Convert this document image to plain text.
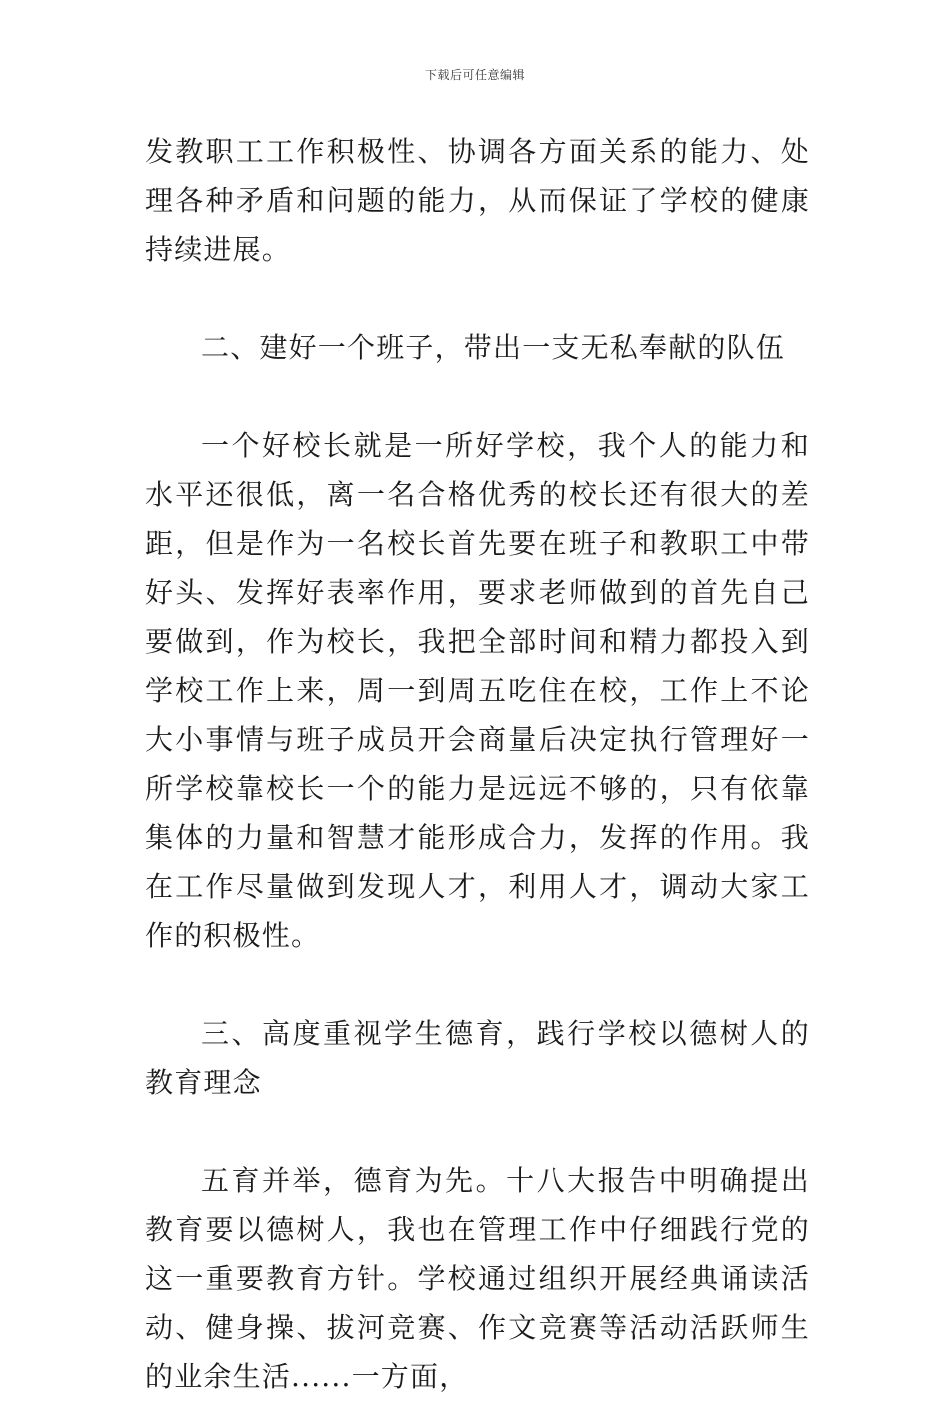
下载后可任意编辑

发教职工工作积极性、协调各方面关系的能力、处理各种矛盾和问题的能力，从而保证了学校的健康持续进展。

二、建好一个班子，带出一支无私奉献的队伍

一个好校长就是一所好学校，我个人的能力和水平还很低，离一名合格优秀的校长还有很大的差距，但是作为一名校长首先要在班子和教职工中带好头、发挥好表率作用，要求老师做到的首先自己要做到，作为校长，我把全部时间和精力都投入到学校工作上来，周一到周五吃住在校，工作上不论大小事情与班子成员开会商量后决定执行管理好一所学校靠校长一个的能力是远远不够的，只有依靠集体的力量和智慧才能形成合力，发挥的作用。我在工作尽量做到发现人才，利用人才，调动大家工作的积极性。

三、高度重视学生德育，践行学校以德树人的教育理念

五育并举，德育为先。十八大报告中明确提出教育要以德树人，我也在管理工作中仔细践行党的这一重要教育方针。学校通过组织开展经典诵读活动、健身操、拔河竞赛、作文竞赛等活动活跃师生的业余生活......一方面，
